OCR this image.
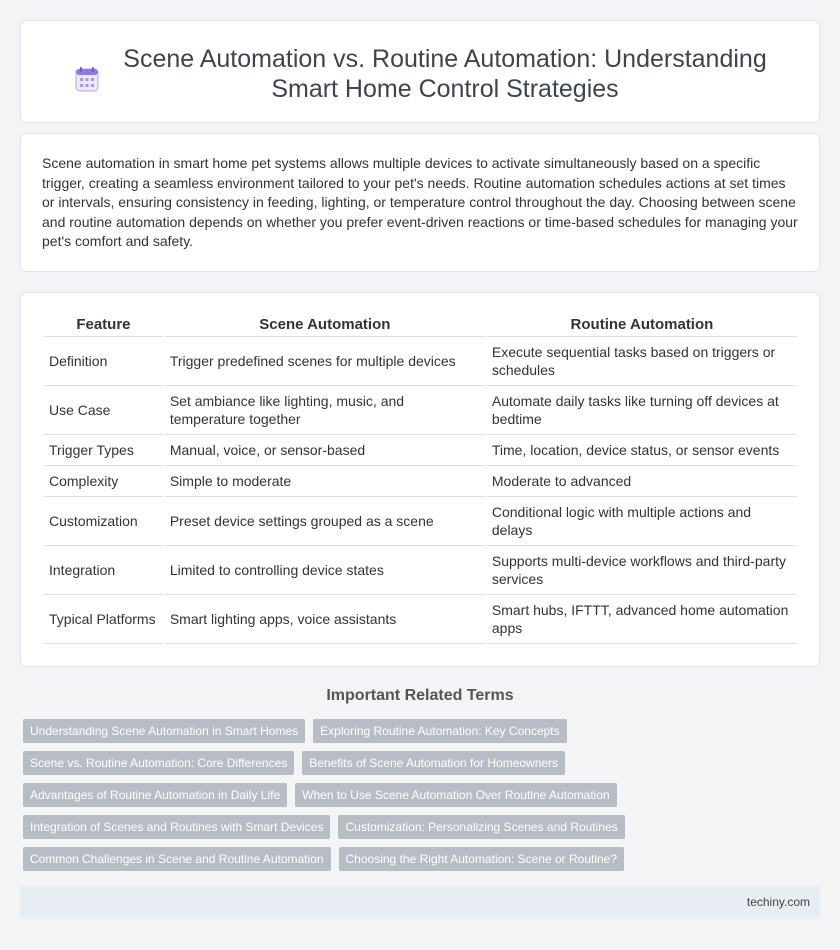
Scene Automation vs. Routine Automation: Understanding Smart Home Control Strategies

Scene automation in smart home pet systems allows multiple devices to activate simultaneously based on a specific trigger, creating a seamless environment tailored to your pet's needs. Routine automation schedules actions at set times or intervals, ensuring consistency in feeding, lighting, or temperature control throughout the day. Choosing between scene and routine automation depends on whether you prefer event-driven reactions or time-based schedules for managing your pet's comfort and safety.

Feature	Scene Automation	Routine Automation
Definition	Trigger predefined scenes for multiple devices	Execute sequential tasks based on triggers or schedules
Use Case	Set ambiance like lighting, music, and temperature together	Automate daily tasks like turning off devices at bedtime
Trigger Types	Manual, voice, or sensor-based	Time, location, device status, or sensor events
Complexity	Simple to moderate	Moderate to advanced
Customization	Preset device settings grouped as a scene	Conditional logic with multiple actions and delays
Integration	Limited to controlling device states	Supports multi-device workflows and third-party services
Typical Platforms	Smart lighting apps, voice assistants	Smart hubs, IFTTT, advanced home automation apps
Important Related Terms
Understanding Scene Automation in Smart Homes	Exploring Routine Automation: Key Concepts
Scene vs. Routine Automation: Core Differences	Benefits of Scene Automation for Homeowners
Advantages of Routine Automation in Daily Life	When to Use Scene Automation Over Routine Automation
Integration of Scenes and Routines with Smart Devices	Customization: Personalizing Scenes and Routines
Common Challenges in Scene and Routine Automation	Choosing the Right Automation: Scene or Routine?
techiny.com
